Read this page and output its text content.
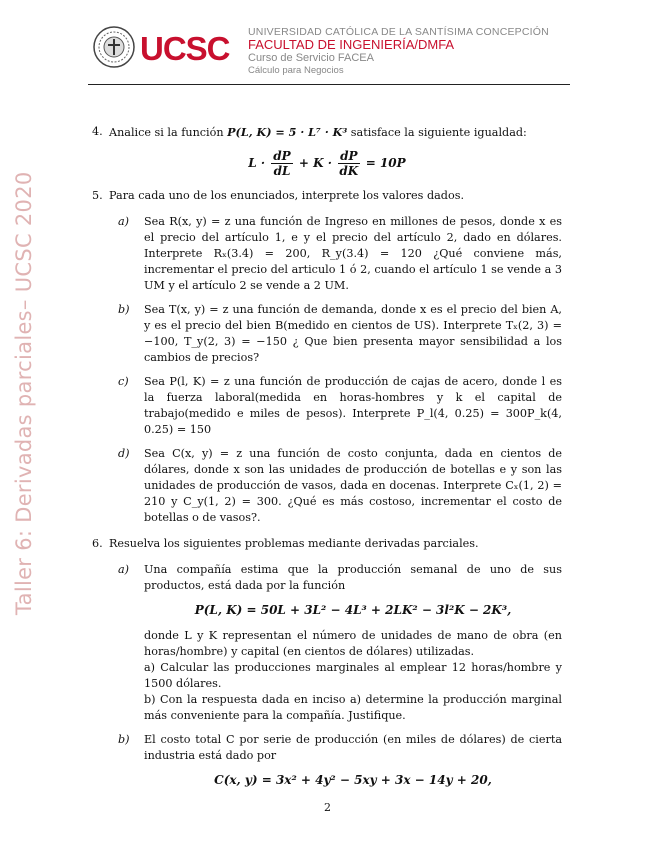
UCSC UNIVERSIDAD CATÓLICA DE LA SANTÍSIMA CONCEPCIÓN
FACULTAD DE INGENIERÍA/DMFA
Curso de Servicio FACEA
Cálculo para Negocios
Taller 6: Derivadas parciales– UCSC 2020
4. Analice si la función P(L, K) = 5 · L⁷ · K³ satisface la siguiente igualdad:
$L \cdot \frac{dP}{dL} + K \cdot \frac{dP}{dK} = 10P$
5. Para cada uno de los enunciados, interprete los valores dados.
a) Sea R(x, y) = z una función de Ingreso en millones de pesos, donde x es el precio del artículo 1, e y el precio del artículo 2, dado en dólares. Interprete Rₓ(3.4) = 200, R_y(3.4) = 120 ¿Qué conviene más, incrementar el precio del articulo 1 ó 2, cuando el artículo 1 se vende a 3 UM y el artículo 2 se vende a 2 UM.
b) Sea T(x, y) = z una función de demanda, donde x es el precio del bien A, y es el precio del bien B(medido en cientos de US). Interprete Tₓ(2, 3) = −100, T_y(2, 3) = −150 ¿ Que bien presenta mayor sensibilidad a los cambios de precios?
c) Sea P(l, K) = z una función de producción de cajas de acero, donde l es la fuerza laboral(medida en horas-hombres y k el capital de trabajo(medido e miles de pesos). Interprete P_l(4, 0.25) = 300P_k(4, 0.25) = 150
d) Sea C(x, y) = z una función de costo conjunta, dada en cientos de dólares, donde x son las unidades de producción de botellas e y son las unidades de producción de vasos, dada en docenas. Interprete Cₓ(1, 2) = 210 y C_y(1, 2) = 300. ¿Qué es más costoso, incrementar el costo de botellas o de vasos?.
6. Resuelva los siguientes problemas mediante derivadas parciales.
a) Una compañía estima que la producción semanal de uno de sus productos, está dada por la función
P(L, K) = 50L + 3L² − 4L³ + 2LK² − 3l²K − 2K³,
donde L y K representan el número de unidades de mano de obra (en horas/hombre) y capital (en cientos de dólares) utilizadas.
a) Calcular las producciones marginales al emplear 12 horas/hombre y 1500 dólares.
b) Con la respuesta dada en inciso a) determine la producción marginal más conveniente para la compañía. Justifique.
b) El costo total C por serie de producción (en miles de dólares) de cierta industria está dado por
C(x, y) = 3x² + 4y² − 5xy + 3x − 14y + 20,
2
